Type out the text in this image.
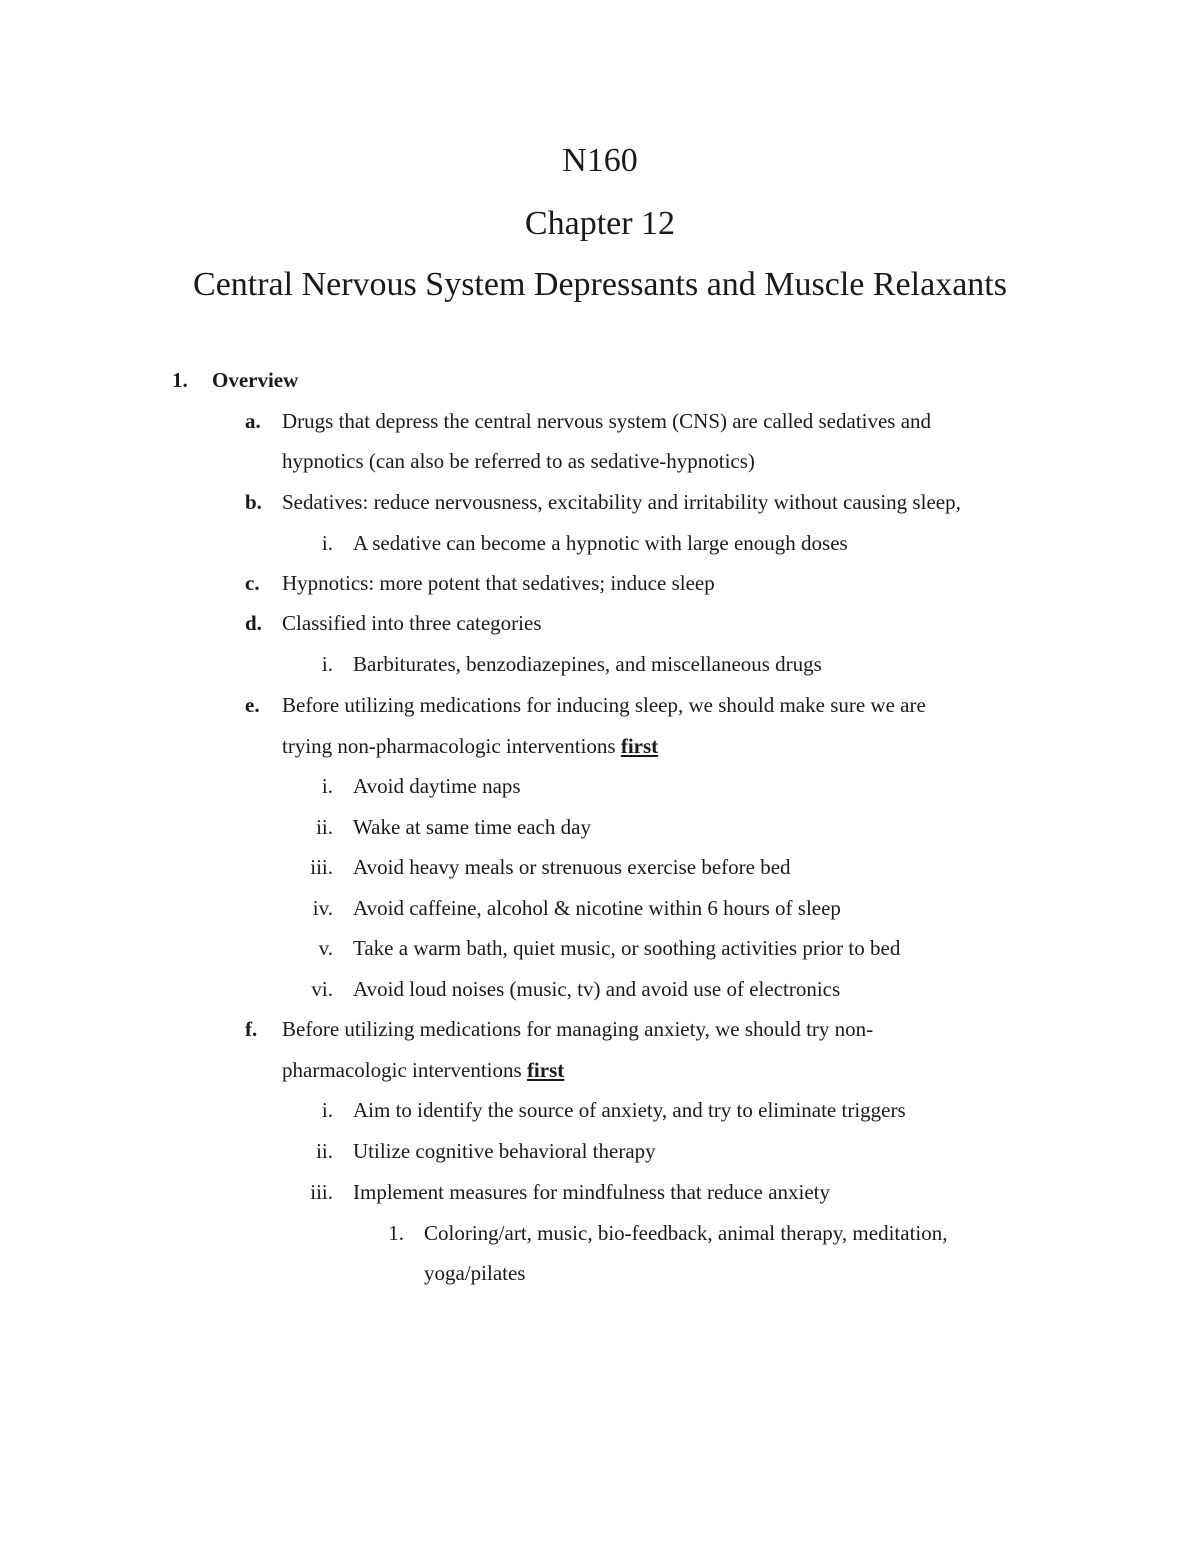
N160
Chapter 12
Central Nervous System Depressants and Muscle Relaxants
1.	Overview
a. Drugs that depress the central nervous system (CNS) are called sedatives and
hypnotics (can also be referred to as sedative-hypnotics)
b. Sedatives: reduce nervousness, excitability and irritability without causing sleep,
i. A sedative can become a hypnotic with large enough doses
c. Hypnotics: more potent that sedatives; induce sleep
d. Classified into three categories
i. Barbiturates, benzodiazepines, and miscellaneous drugs
e. Before utilizing medications for inducing sleep, we should make sure we are
trying non-pharmacologic interventions first
i. Avoid daytime naps
ii. Wake at same time each day
iii. Avoid heavy meals or strenuous exercise before bed
iv. Avoid caffeine, alcohol & nicotine within 6 hours of sleep
v. Take a warm bath, quiet music, or soothing activities prior to bed
vi. Avoid loud noises (music, tv) and avoid use of electronics
f. Before utilizing medications for managing anxiety, we should try non-
pharmacologic interventions first
i. Aim to identify the source of anxiety, and try to eliminate triggers
ii. Utilize cognitive behavioral therapy
iii. Implement measures for mindfulness that reduce anxiety
1. Coloring/art, music, bio-feedback, animal therapy, meditation,
yoga/pilates
